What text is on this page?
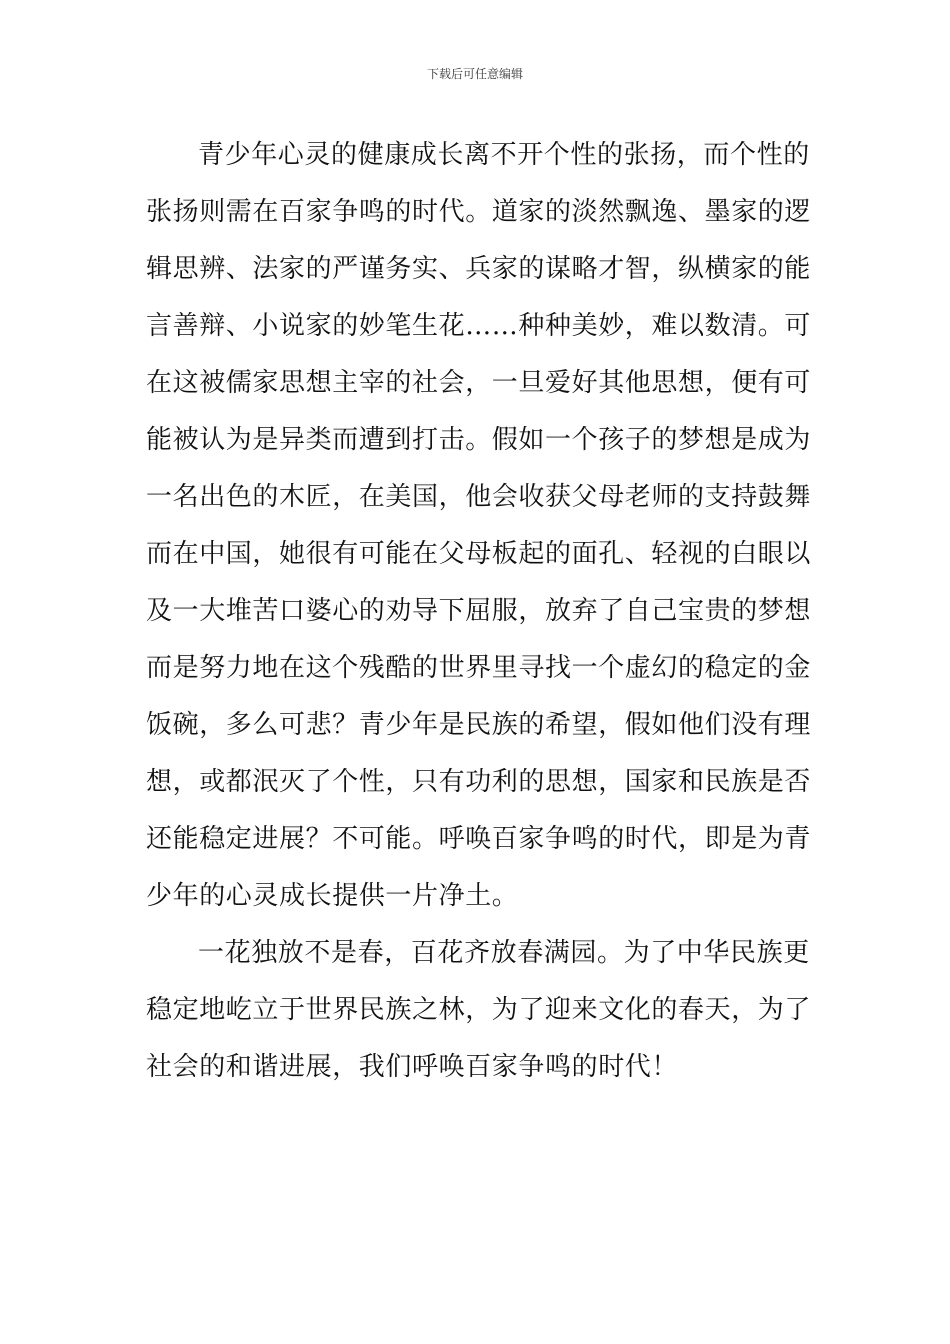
下载后可任意编辑
青少年心灵的健康成长离不开个性的张扬，而个性的
张扬则需在百家争鸣的时代。道家的淡然飘逸、墨家的逻
辑思辨、法家的严谨务实、兵家的谋略才智，纵横家的能
言善辩、小说家的妙笔生花……种种美妙，难以数清。可
在这被儒家思想主宰的社会，一旦爱好其他思想，便有可
能被认为是异类而遭到打击。假如一个孩子的梦想是成为
一名出色的木匠，在美国，他会收获父母老师的支持鼓舞
而在中国，她很有可能在父母板起的面孔、轻视的白眼以
及一大堆苦口婆心的劝导下屈服，放弃了自己宝贵的梦想
而是努力地在这个残酷的世界里寻找一个虚幻的稳定的金
饭碗，多么可悲？青少年是民族的希望，假如他们没有理
想，或都泯灭了个性，只有功利的思想，国家和民族是否
还能稳定进展？不可能。呼唤百家争鸣的时代，即是为青
少年的心灵成长提供一片净土。
一花独放不是春，百花齐放春满园。为了中华民族更
稳定地屹立于世界民族之林，为了迎来文化的春天，为了
社会的和谐进展，我们呼唤百家争鸣的时代！
